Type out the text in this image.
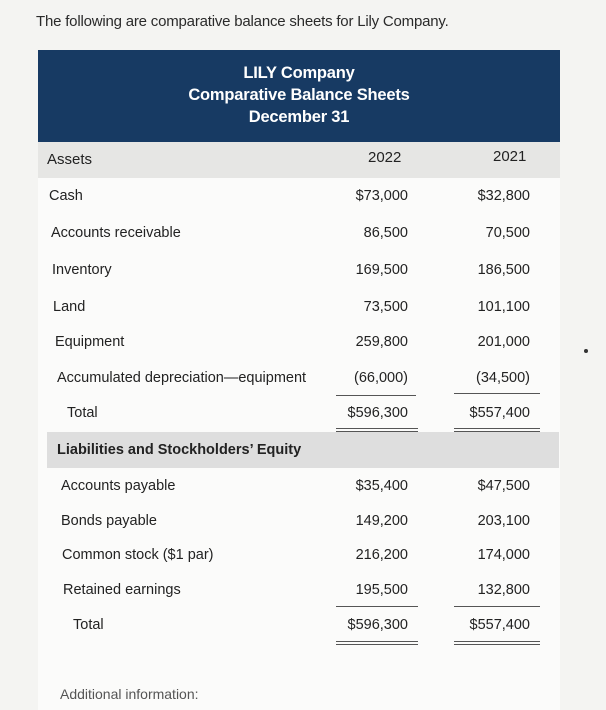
The following are comparative balance sheets for Lily Company.
LILY Company
Comparative Balance Sheets
December 31
Assets	2022	2021
Cash	$73,000	$32,800
Accounts receivable	86,500	70,500
Inventory	169,500	186,500
Land	73,500	101,100
Equipment	259,800	201,000
Accumulated depreciation—equipment	(66,000)	(34,500)
Total	$596,300	$557,400
Liabilities and Stockholders’ Equity
Accounts payable	$35,400	$47,500
Bonds payable	149,200	203,100
Common stock ($1 par)	216,200	174,000
Retained earnings	195,500	132,800
Total	$596,300	$557,400
Additional information:
